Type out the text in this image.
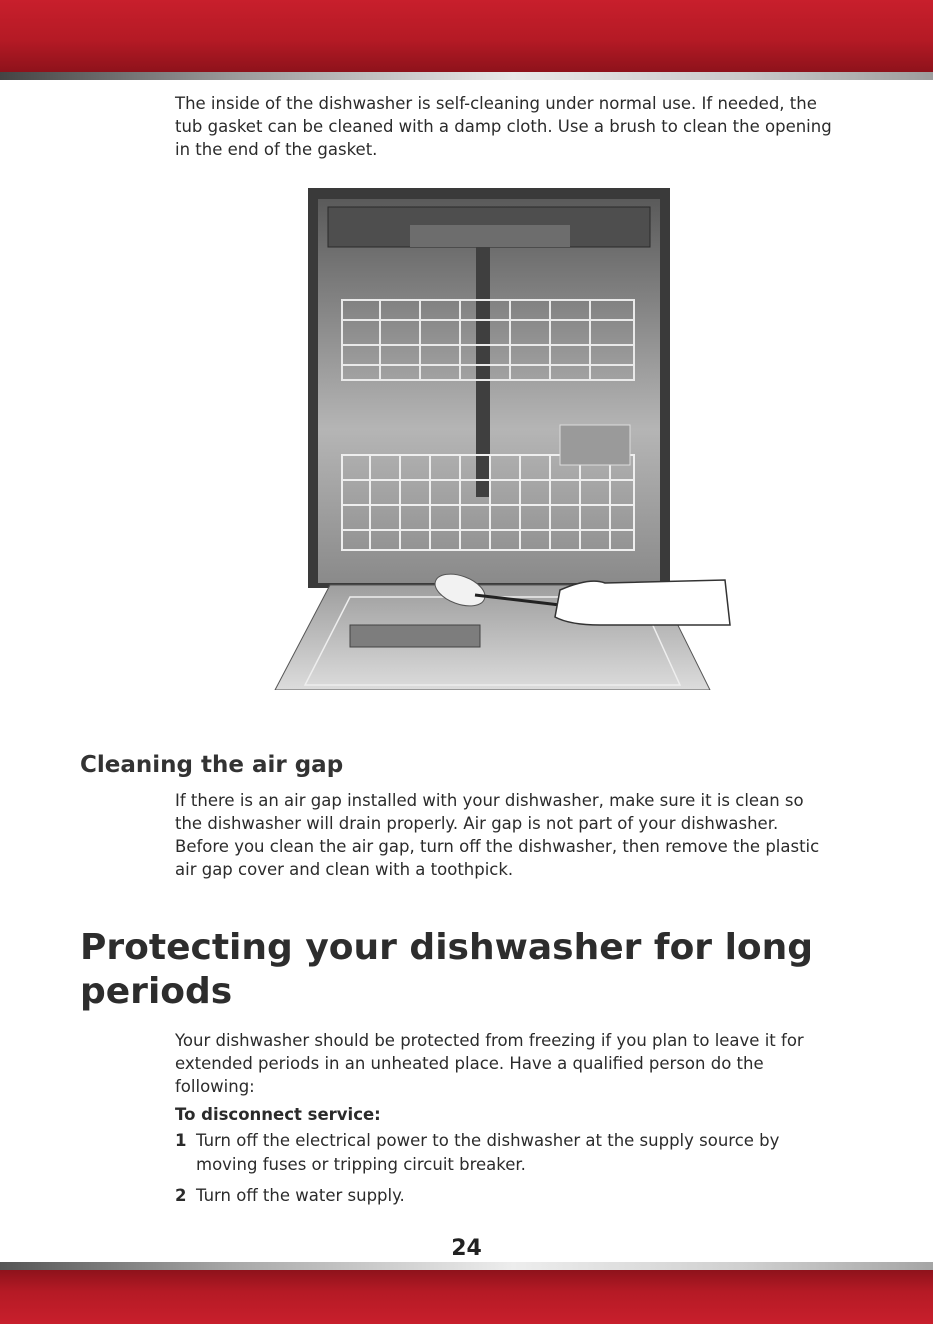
The inside of the dishwasher is self-cleaning under normal use. If needed, the tub gasket can be cleaned with a damp cloth. Use a brush to clean the opening in the end of the gasket.

Cleaning the air gap

If there is an air gap installed with your dishwasher, make sure it is clean so the dishwasher will drain properly. Air gap is not part of your dishwasher. Before you clean the air gap, turn off the dishwasher, then remove the plastic air gap cover and clean with a toothpick.

Protecting your dishwasher for long periods

Your dishwasher should be protected from freezing if you plan to leave it for extended periods in an unheated place. Have a qualified person do the following:

To disconnect service:

1 Turn off the electrical power to the dishwasher at the supply source by moving fuses or tripping circuit breaker.
2 Turn off the water supply.
24
